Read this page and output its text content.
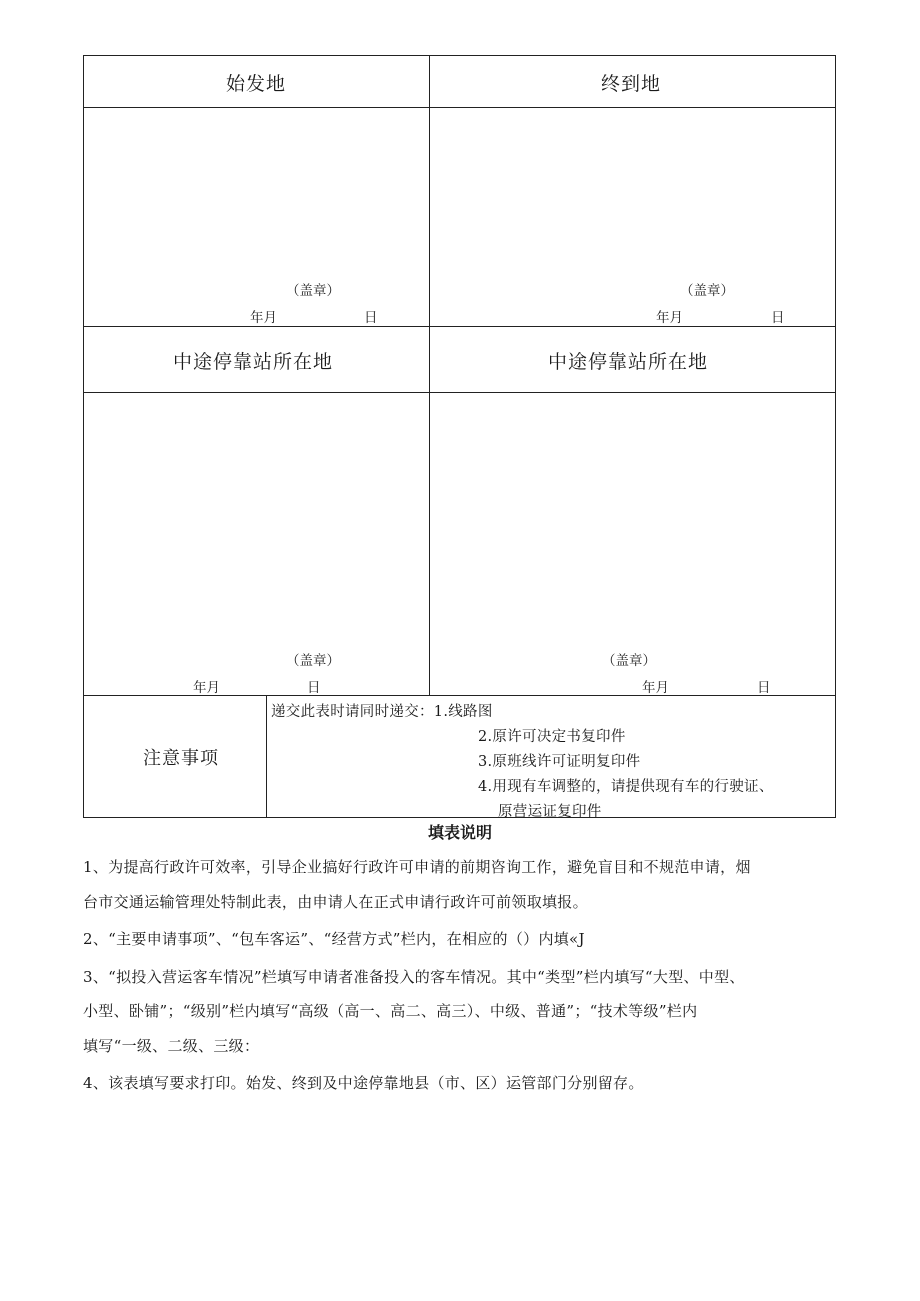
始发地	终到地
（盖章）
年月	日
（盖章）
年月	日
中途停靠站所在地	中途停靠站所在地
（盖章）
年月	日
（盖章）
年月	日
注意事项
递交此表时请同时递交：1.线路图
2.原许可决定书复印件
3.原班线许可证明复印件
4.用现有车调整的，请提供现有车的行驶证、
原营运证复印件
填表说明
1、为提高行政许可效率，引导企业搞好行政许可申请的前期咨询工作，避免盲目和不规范申请，烟
台市交通运输管理处特制此表，由申请人在正式申请行政许可前领取填报。
2、“主要申请事项”、“包车客运”、“经营方式”栏内，在相应的（）内填«J
3、“拟投入营运客车情况”栏填写申请者准备投入的客车情况。其中“类型”栏内填写“大型、中型、
小型、卧铺”；“级别”栏内填写“高级（高一、高二、高三）、中级、普通”；“技术等级”栏内
填写“一级、二级、三级：
4、该表填写要求打印。始发、终到及中途停靠地县（市、区）运管部门分别留存。
